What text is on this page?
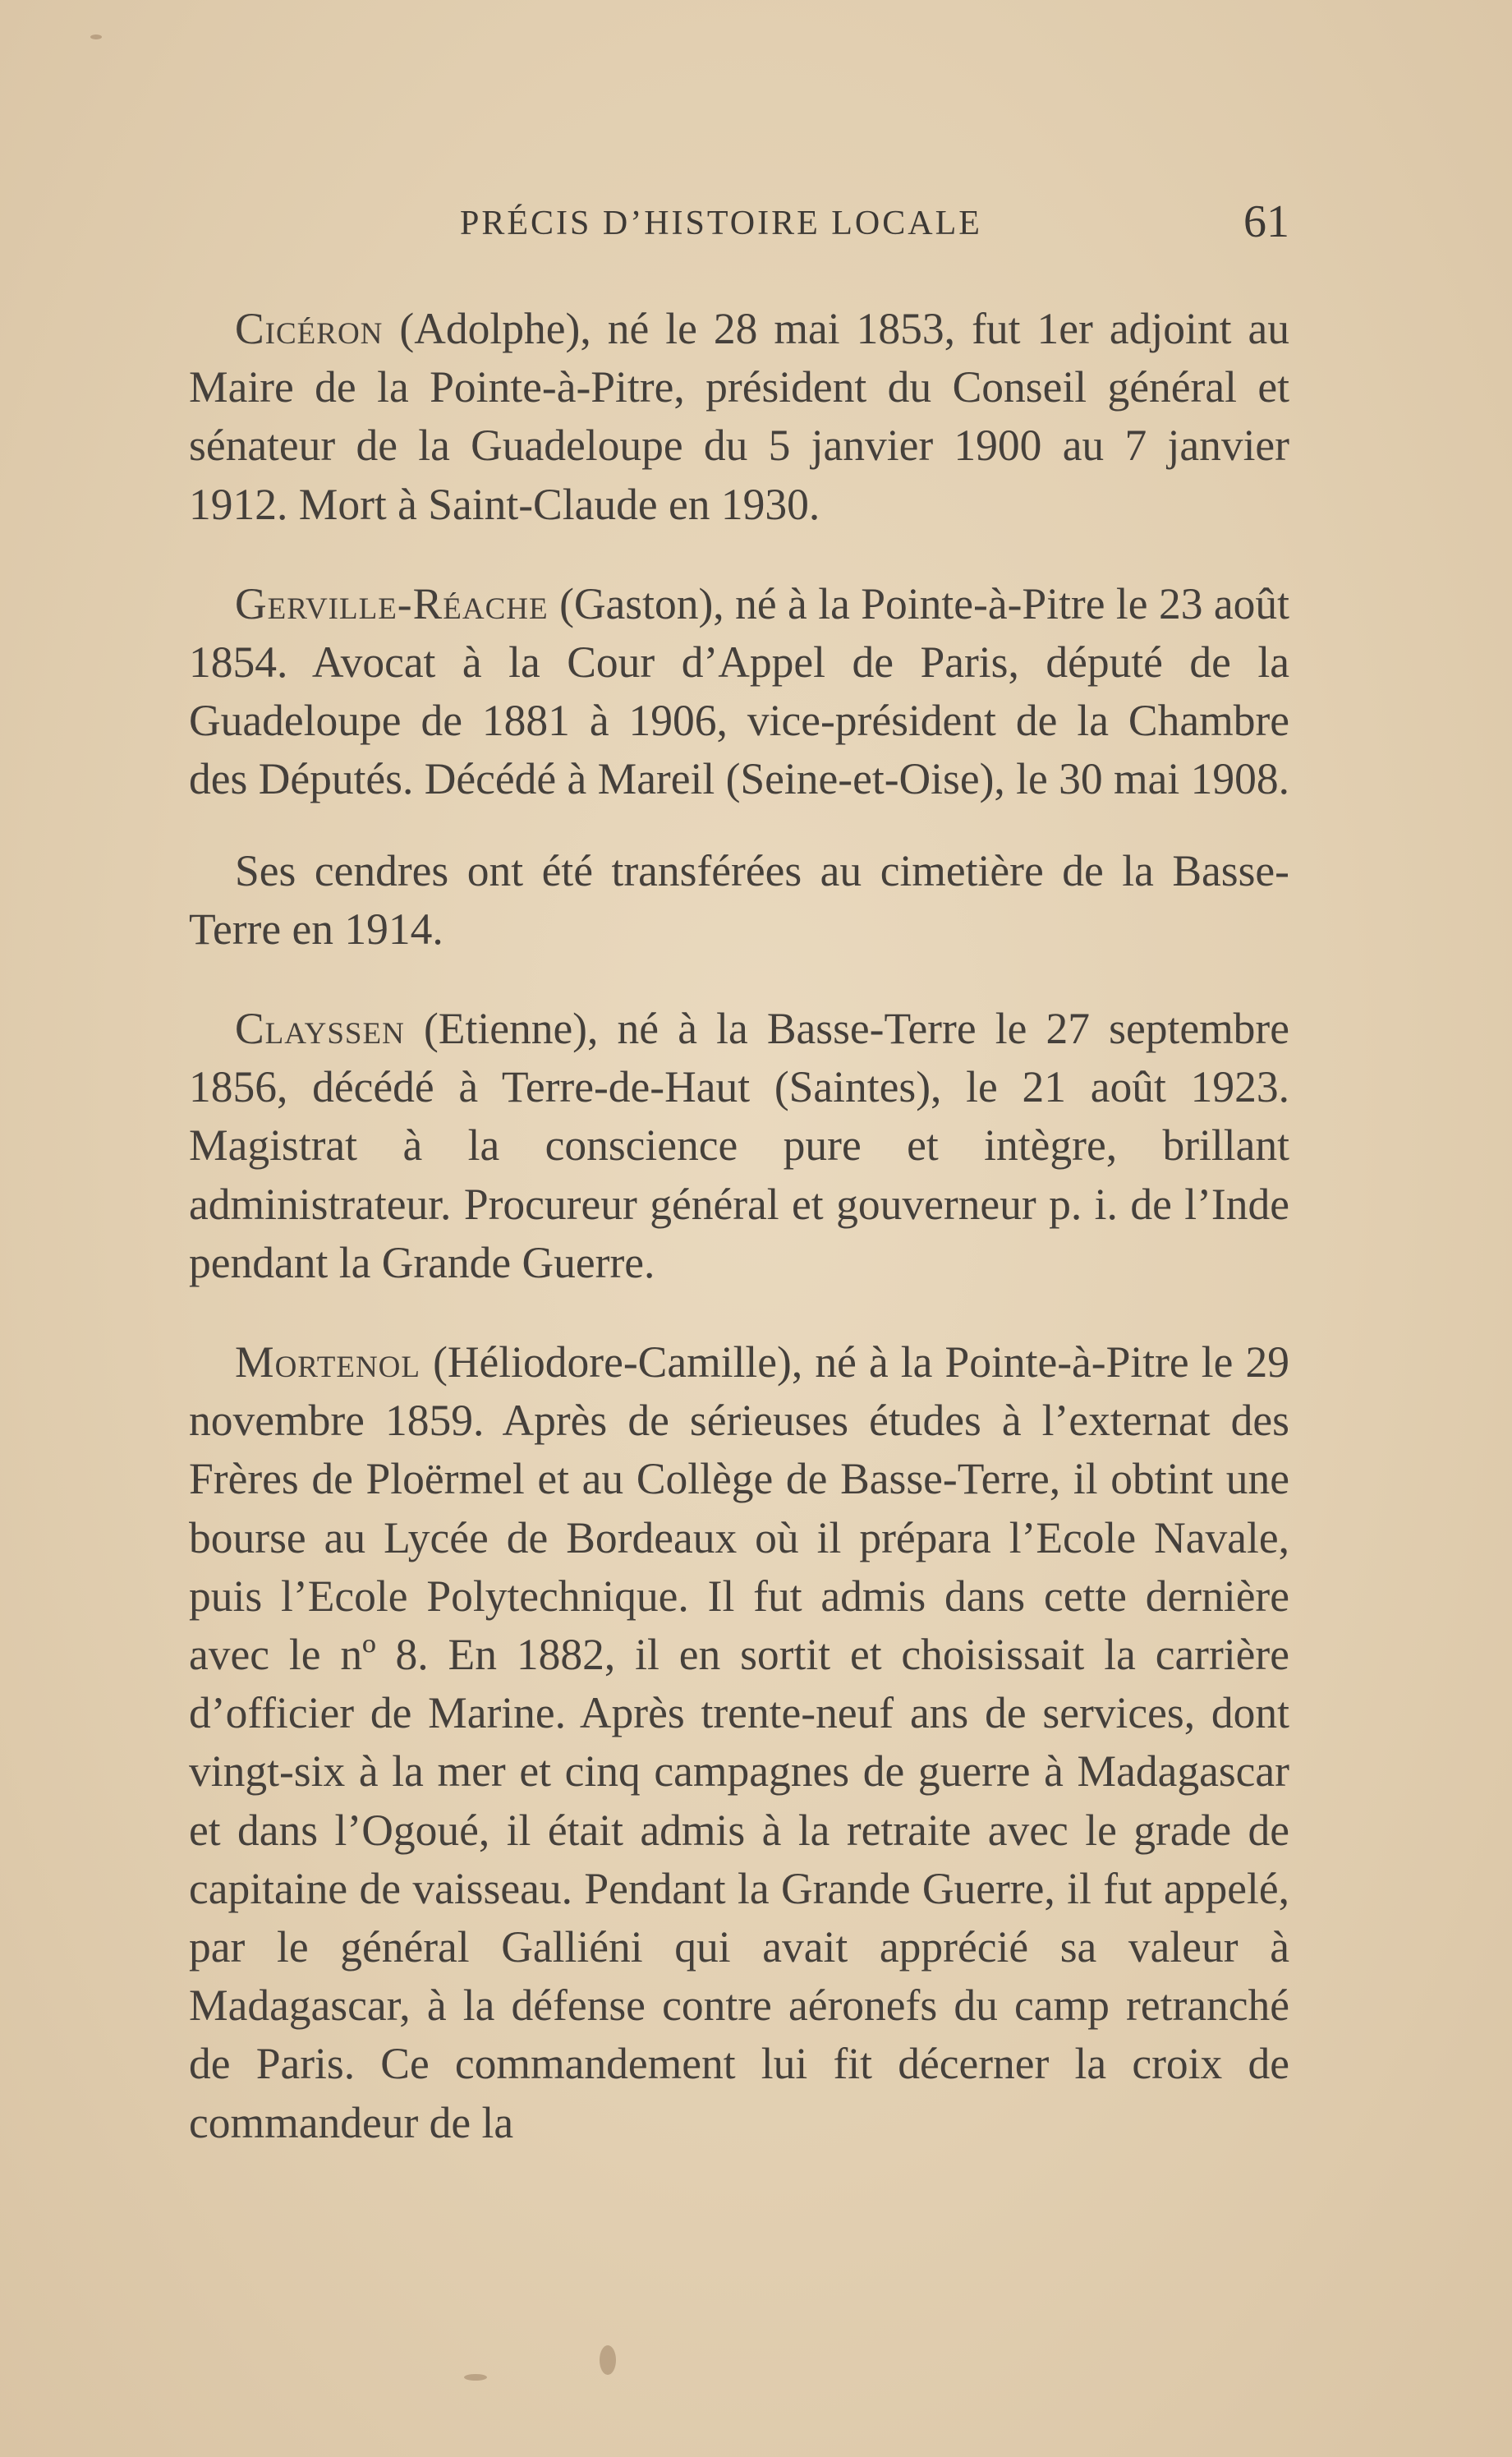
PRÉCIS D’HISTOIRE LOCALE	61

Cicéron (Adolphe), né le 28 mai 1853, fut 1er adjoint au Maire de la Pointe-à-Pitre, président du Conseil général et sénateur de la Guadeloupe du 5 janvier 1900 au 7 janvier 1912. Mort à Saint-Claude en 1930.

Gerville-Réache (Gaston), né à la Pointe-à-Pitre le 23 août 1854. Avocat à la Cour d’Appel de Paris, député de la Guadeloupe de 1881 à 1906, vice-président de la Chambre des Députés. Décédé à Mareil (Seine-et-Oise), le 30 mai 1908.

Ses cendres ont été transférées au cimetière de la Basse-Terre en 1914.

Clayssen (Etienne), né à la Basse-Terre le 27 septembre 1856, décédé à Terre-de-Haut (Saintes), le 21 août 1923. Magistrat à la conscience pure et intègre, brillant administrateur. Procureur général et gouverneur p. i. de l’Inde pendant la Grande Guerre.

Mortenol (Héliodore-Camille), né à la Pointe-à-Pitre le 29 novembre 1859. Après de sérieuses études à l’externat des Frères de Ploërmel et au Collège de Basse-Terre, il obtint une bourse au Lycée de Bordeaux où il prépara l’Ecole Navale, puis l’Ecole Polytechnique. Il fut admis dans cette dernière avec le nº 8. En 1882, il en sortit et choisissait la carrière d’officier de Marine. Après trente-neuf ans de services, dont vingt-six à la mer et cinq campagnes de guerre à Madagascar et dans l’Ogoué, il était admis à la retraite avec le grade de capitaine de vaisseau. Pendant la Grande Guerre, il fut appelé, par le général Galliéni qui avait apprécié sa valeur à Madagascar, à la défense contre aéronefs du camp retranché de Paris. Ce commandement lui fit décerner la croix de commandeur de la
